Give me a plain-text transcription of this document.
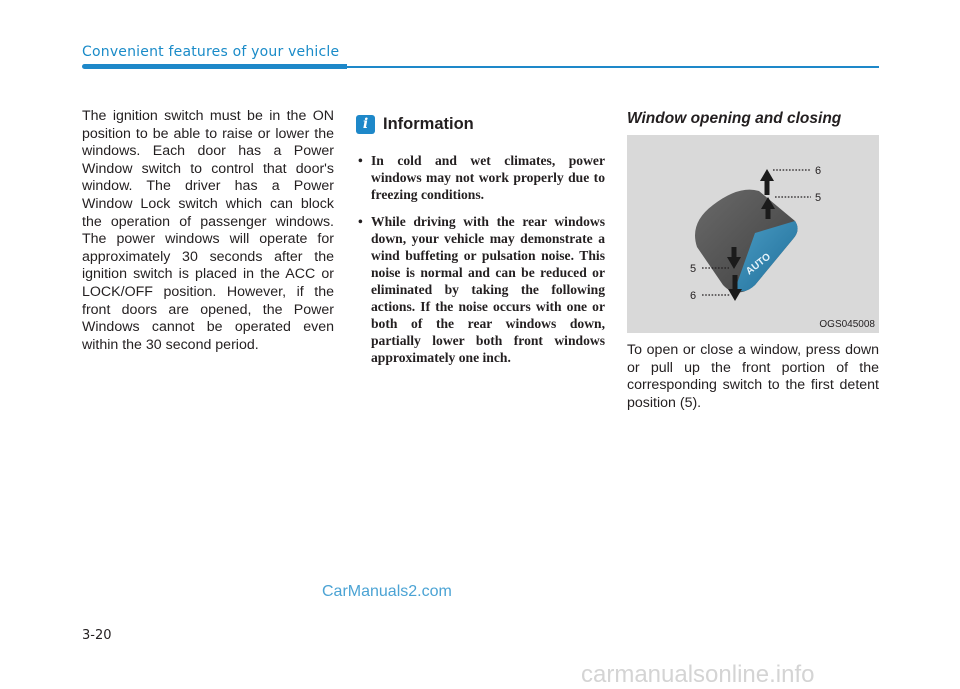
Convenient features of your vehicle

The ignition switch must be in the ON position to be able to raise or lower the windows. Each door has a Power Window switch to control that door's window. The driver has a Power Window Lock switch which can block the operation of passenger windows. The power windows will operate for approximately 30 seconds after the ignition switch is placed in the ACC or LOCK/OFF position. However, if the front doors are opened, the Power Windows cannot be operated even within the 30 second period.

i Information
• In cold and wet climates, power windows may not work properly due to freezing conditions.
• While driving with the rear windows down, your vehicle may demonstrate a wind buffeting or pulsation noise. This noise is normal and can be reduced or eliminated by taking the following actions. If the noise occurs with one or both of the rear windows down, partially lower both front windows approximately one inch.
Window opening and closing
AUTO
6
5
5
6
OGS045008

To open or close a window, press down or pull up the front portion of the corresponding switch to the first detent position (5).

CarManuals2.com
3-20
carmanualsonline.info
